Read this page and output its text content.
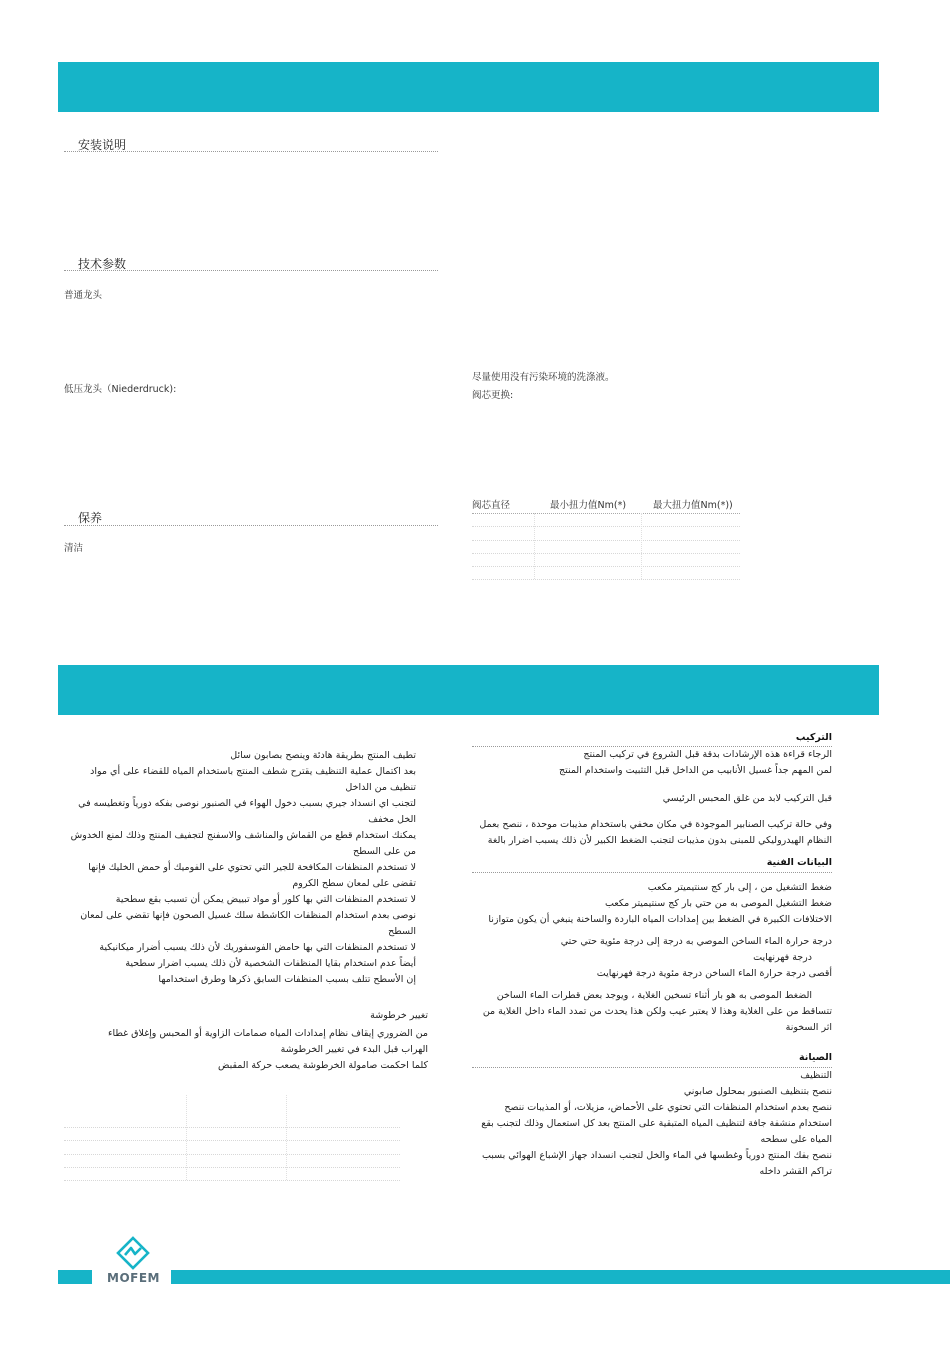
安装说明
技术参数
普通龙头
低压龙头（Niederdruck):
保养
清洁
尽量使用没有污染环境的洗涤液。
阀芯更换:
阀芯直径	最小扭力值Nm(*)	最大扭力值Nm(*))
تطيف المنتج بطريقة هادئة وينصح بصابون سائل
بعد اكتمال عملية التنظيف يقترح شطف المنتج باستخدام المياه للقضاء على أي مواد
تنظيف من الداخل
لتجنب اي انسداد جيري بسبب دخول الهواء في الصنبور نوصى بفكه دورياً وتغطيسه في
الخل مخفف
يمكنك استخدام قطع من القماش والمناشف والاسفنج لتجفيف المنتج وذلك لمنع الخدوش
من على السطح
لا تستخدم المنظفات المكافحة للجير التي تحتوي على الفوميك أو حمض الخليك فإنها
تقضى على لمعان سطح الكروم
لا تستخدم المنظفات التي بها كلور أو مواد تبييض يمكن أن تسبب بقع سطحية
نوصى بعدم استخدام المنظفات الكاشطة سلك غسيل الصحون فإنها تقضي على لمعان
السطح
لا تستخدم المنظفات التي بها حامض الفوسفوريك لأن ذلك يسبب أضرار ميكانيكية
أيضاً عدم استخدام بقايا المنظفات الشخصية لأن ذلك يسبب اضرار سطحية
إن الأسطح تتلف بسبب المنظفات السابق ذكرها وطرق استخدامها
تغيير خرطوشة
من الضروري إيقاف نظام إمدادات المياه صمامات الزاوية أو المحبس وإغلاق غطاء
الهراب قبل البدء في تغيير الخرطوشة
كلما احكمت صامولة الخرطوشة يصعب حركة المقبض
التركيب
الرجاء قراءة هذه الإرشادات بدقة قبل الشروع في تركيب المنتج
لمن المهم جداً غسيل الأنابيب من الداخل قبل التثبيت واستخدام المنتج
قبل التركيب لابد من غلق المحبس الرئيسي
وفي حالة تركيب الصنابير الموجودة في مكان مخفي باستخدام مذيبات موحدة ، ننصح بعمل
النظام الهيدروليكي للمبنى بدون مذيبات لتجنب الضغط الكبير لأن ذلك يسبب اضرار بالغة
البيانات الفنية
ضغط التشغيل من ، إلى بار كج سنتيميتر مكعب
ضغط التشغيل الموصى به من حتي بار كج سنتيميتر مكعب
الاختلافات الكبيرة في الضغط بين إمدادات المياه الباردة والساخنة ينبغي أن يكون متوازنا
درجة حرارة الماء الساخن الموصي به درجة إلى درجة مئوية حتي حتي
درجة فهرنهايت
أقصى درجة حرارة الماء الساخن درجة مئوية درجة فهرنهايت
الضغط الموصى به هو بار أثناء تسخين الغلاية ، ويوجد بعض قطرات الماء الساخن
تتساقط من على الغلاية وهذا لا يعتبر عيب ولكن هذا يحدث من تمدد الماء داخل الغلاية من
اثر السخونة
الصيانة
التنظيف
ننصح بتنظيف الصنبور بمحلول صابوني
ننصح بعدم استخدام المنظفات التي تحتوي على الأحماض، مزيلات، أو المذيبات ننصح
استخدام منشفة جافة لتنظيف المياه المتبقية على المنتج بعد كل استعمال وذلك لتجنب بقع
المياه على سطحه
ننصح بفك المنتج دورياً وغطسها في الماء والخل لتجنب انسداد جهاز الإشباع الهوائي بسبب
تراكم القشر داخله
MOFEM
